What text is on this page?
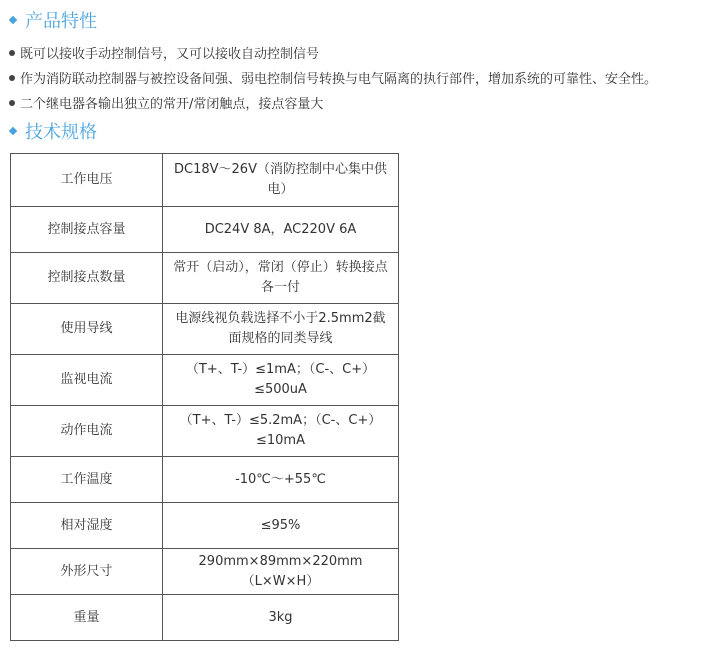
产品特性
既可以接收手动控制信号，又可以接收自动控制信号
作为消防联动控制器与被控设备间强、弱电控制信号转换与电气隔离的执行部件，增加系统的可靠性、安全性。
二个继电器各输出独立的常开/常闭触点，接点容量大
技术规格
工作电压	DC18V～26V（消防控制中心集中供电）
控制接点容量	DC24V 8A，AC220V 6A
控制接点数量	常开（启动），常闭（停止）转换接点各一付
使用导线	电源线视负载选择不小于2.5mm2截面规格的同类导线
监视电流	（T+、T-）≤1mA；（C-、C+）≤500uA
动作电流	（T+、T-）≤5.2mA；（C-、C+）≤10mA
工作温度	-10℃～+55℃
相对湿度	≤95%
外形尺寸	290mm×89mm×220mm（L×W×H）
重量	3kg
